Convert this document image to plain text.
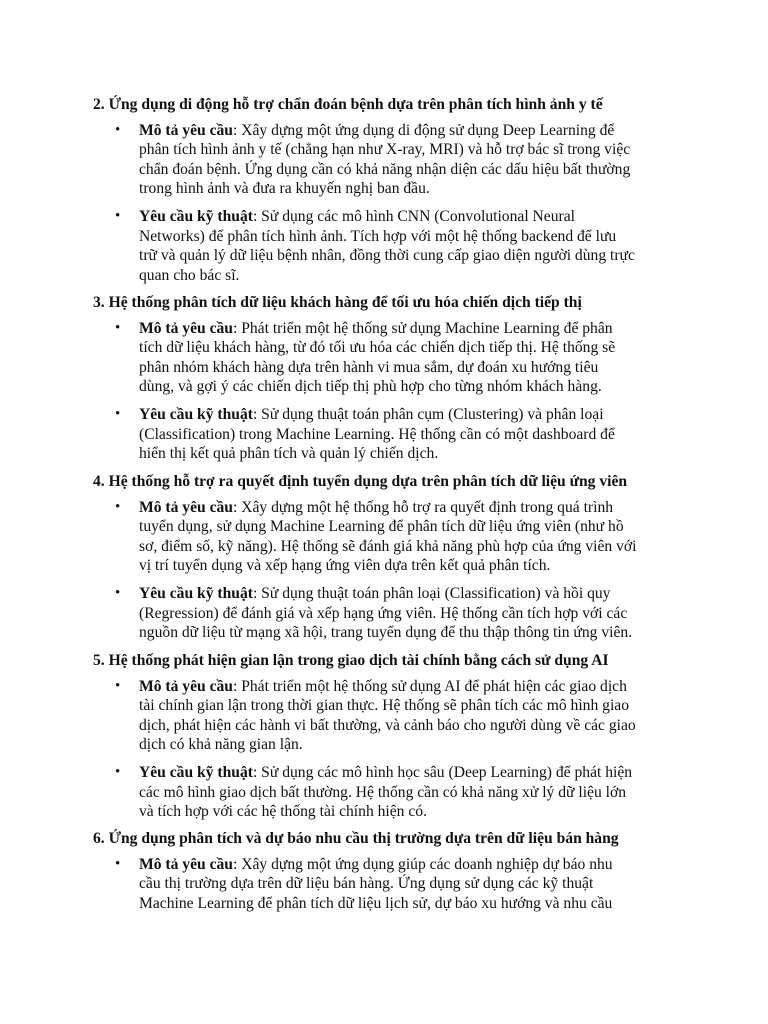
2. Ứng dụng di động hỗ trợ chẩn đoán bệnh dựa trên phân tích hình ảnh y tế
• Mô tả yêu cầu: Xây dựng một ứng dụng di động sử dụng Deep Learning để
phân tích hình ảnh y tế (chẳng hạn như X-ray, MRI) và hỗ trợ bác sĩ trong việc
chẩn đoán bệnh. Ứng dụng cần có khả năng nhận diện các dấu hiệu bất thường
trong hình ảnh và đưa ra khuyến nghị ban đầu.
• Yêu cầu kỹ thuật: Sử dụng các mô hình CNN (Convolutional Neural
Networks) để phân tích hình ảnh. Tích hợp với một hệ thống backend để lưu
trữ và quản lý dữ liệu bệnh nhân, đồng thời cung cấp giao diện người dùng trực
quan cho bác sĩ.
3. Hệ thống phân tích dữ liệu khách hàng để tối ưu hóa chiến dịch tiếp thị
• Mô tả yêu cầu: Phát triển một hệ thống sử dụng Machine Learning để phân
tích dữ liệu khách hàng, từ đó tối ưu hóa các chiến dịch tiếp thị. Hệ thống sẽ
phân nhóm khách hàng dựa trên hành vi mua sắm, dự đoán xu hướng tiêu
dùng, và gợi ý các chiến dịch tiếp thị phù hợp cho từng nhóm khách hàng.
• Yêu cầu kỹ thuật: Sử dụng thuật toán phân cụm (Clustering) và phân loại
(Classification) trong Machine Learning. Hệ thống cần có một dashboard để
hiển thị kết quả phân tích và quản lý chiến dịch.
4. Hệ thống hỗ trợ ra quyết định tuyển dụng dựa trên phân tích dữ liệu ứng viên
• Mô tả yêu cầu: Xây dựng một hệ thống hỗ trợ ra quyết định trong quá trình
tuyển dụng, sử dụng Machine Learning để phân tích dữ liệu ứng viên (như hồ
sơ, điểm số, kỹ năng). Hệ thống sẽ đánh giá khả năng phù hợp của ứng viên với
vị trí tuyển dụng và xếp hạng ứng viên dựa trên kết quả phân tích.
• Yêu cầu kỹ thuật: Sử dụng thuật toán phân loại (Classification) và hồi quy
(Regression) để đánh giá và xếp hạng ứng viên. Hệ thống cần tích hợp với các
nguồn dữ liệu từ mạng xã hội, trang tuyển dụng để thu thập thông tin ứng viên.
5. Hệ thống phát hiện gian lận trong giao dịch tài chính bằng cách sử dụng AI
• Mô tả yêu cầu: Phát triển một hệ thống sử dụng AI để phát hiện các giao dịch
tài chính gian lận trong thời gian thực. Hệ thống sẽ phân tích các mô hình giao
dịch, phát hiện các hành vi bất thường, và cảnh báo cho người dùng về các giao
dịch có khả năng gian lận.
• Yêu cầu kỹ thuật: Sử dụng các mô hình học sâu (Deep Learning) để phát hiện
các mô hình giao dịch bất thường. Hệ thống cần có khả năng xử lý dữ liệu lớn
và tích hợp với các hệ thống tài chính hiện có.
6. Ứng dụng phân tích và dự báo nhu cầu thị trường dựa trên dữ liệu bán hàng
• Mô tả yêu cầu: Xây dựng một ứng dụng giúp các doanh nghiệp dự báo nhu
cầu thị trường dựa trên dữ liệu bán hàng. Ứng dụng sử dụng các kỹ thuật
Machine Learning để phân tích dữ liệu lịch sử, dự báo xu hướng và nhu cầu
